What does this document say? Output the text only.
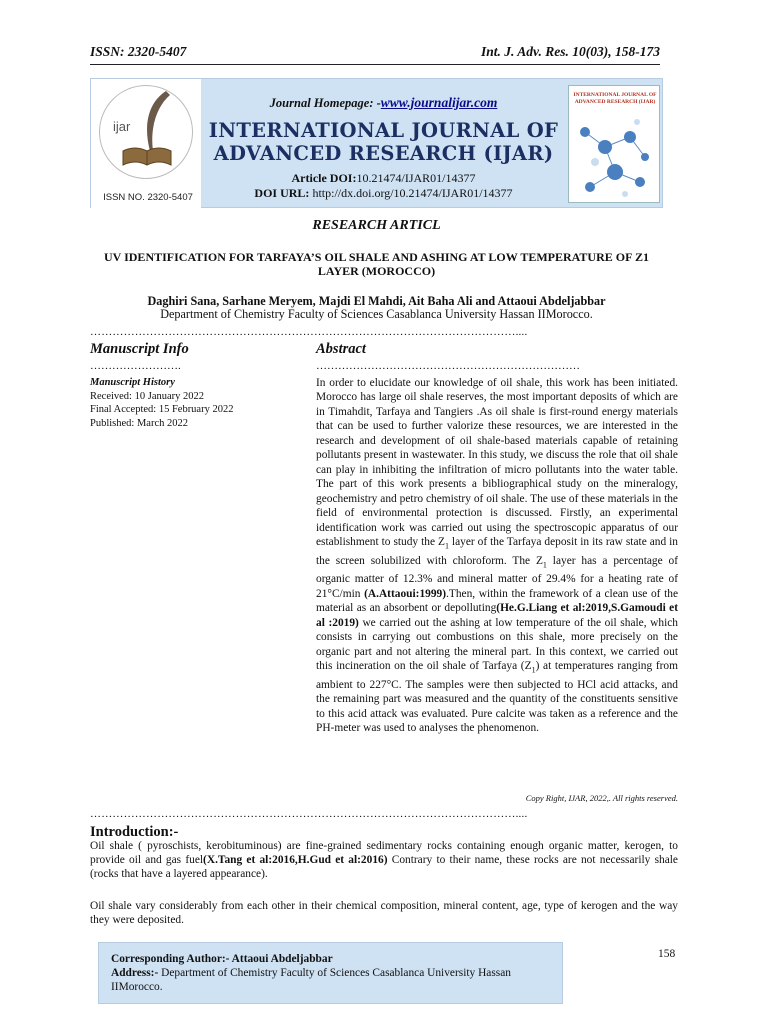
ISSN: 2320-5407	Int. J. Adv. Res. 10(03), 158-173
ijar
ISSN NO. 2320-5407
Journal Homepage: -www.journalijar.com
INTERNATIONAL JOURNAL OF
ADVANCED RESEARCH (IJAR)
Article DOI:10.21474/IJAR01/14377
DOI URL: http://dx.doi.org/10.21474/IJAR01/14377
INTERNATIONAL JOURNAL OF ADVANCED RESEARCH (IJAR)
RESEARCH ARTICL
UV IDENTIFICATION FOR TARFAYA’S OIL SHALE AND ASHING AT LOW TEMPERATURE OF Z1
LAYER (MOROCCO)
Daghiri Sana, Sarhane Meryem, Majdi El Mahdi, Ait Baha Ali and Attaoui Abdeljabbar
Department of Chemistry Faculty of Sciences Casablanca University Hassan IIMorocco.
……………………………………………………………………………………………………....
Manuscript Info	Abstract
…………………….	………………………………………………………………
Manuscript History
Received: 10 January 2022
Final Accepted: 15 February 2022
Published: March 2022
In order to elucidate our knowledge of oil shale, this work has been initiated. Morocco has large oil shale reserves, the most important deposits of which are in Timahdit, Tarfaya and Tangiers .As oil shale is first-round energy materials that can be used to further valorize these resources, we are interested in the research and development of oil shale-based materials capable of retaining pollutants present in wastewater. In this study, we discuss the role that oil shale can play in inhibiting the infiltration of micro pollutants into the water table. The part of this work presents a bibliographical study on the mineralogy, geochemistry and petro chemistry of oil shale. The use of these materials in the field of environmental protection is discussed. Firstly, an experimental identification work was carried out using the spectroscopic apparatus of our establishment to study the $Z_1$ layer of the Tarfaya deposit in its raw state and in the screen solubilized with chloroform. The $Z_1$ layer has a percentage of organic matter of 12.3% and mineral matter of 29.4% for a heating rate of 21°C/min (A.Attaoui:1999).Then, within the framework of a clean use of the material as an absorbent or depolluting(He.G.Liang et al:2019,S.Gamoudi et al :2019) we carried out the ashing at low temperature of the oil shale, which consists in carrying out combustions on this shale, more precisely on the organic part and not altering the mineral part. In this context, we carried out this incineration on the oil shale of Tarfaya $(Z_1)$ at temperatures ranging from ambient to 227°C. The samples were then subjected to HCl acid attacks, and the remaining part was measured and the quantity of the constituents sensitive to this acid attack was evaluated. Pure calcite was taken as a reference and the PH-meter was used to analyses the phenomenon.
Copy Right, IJAR, 2022,. All rights reserved.
……………………………………………………………………………………………………....
Introduction:-
Oil shale ( pyroschists, kerobituminous) are fine-grained sedimentary rocks containing enough organic matter, kerogen, to provide oil and gas fuel(X.Tang et al:2016,H.Gud et al:2016) Contrary to their name, these rocks are not necessarily shale (rocks that have a layered appearance).
Oil shale vary considerably from each other in their chemical composition, mineral content, age, type of kerogen and the way they were deposited.
Corresponding Author:- Attaoui Abdeljabbar
Address:- Department of Chemistry Faculty of Sciences Casablanca University Hassan IIMorocco.
158
